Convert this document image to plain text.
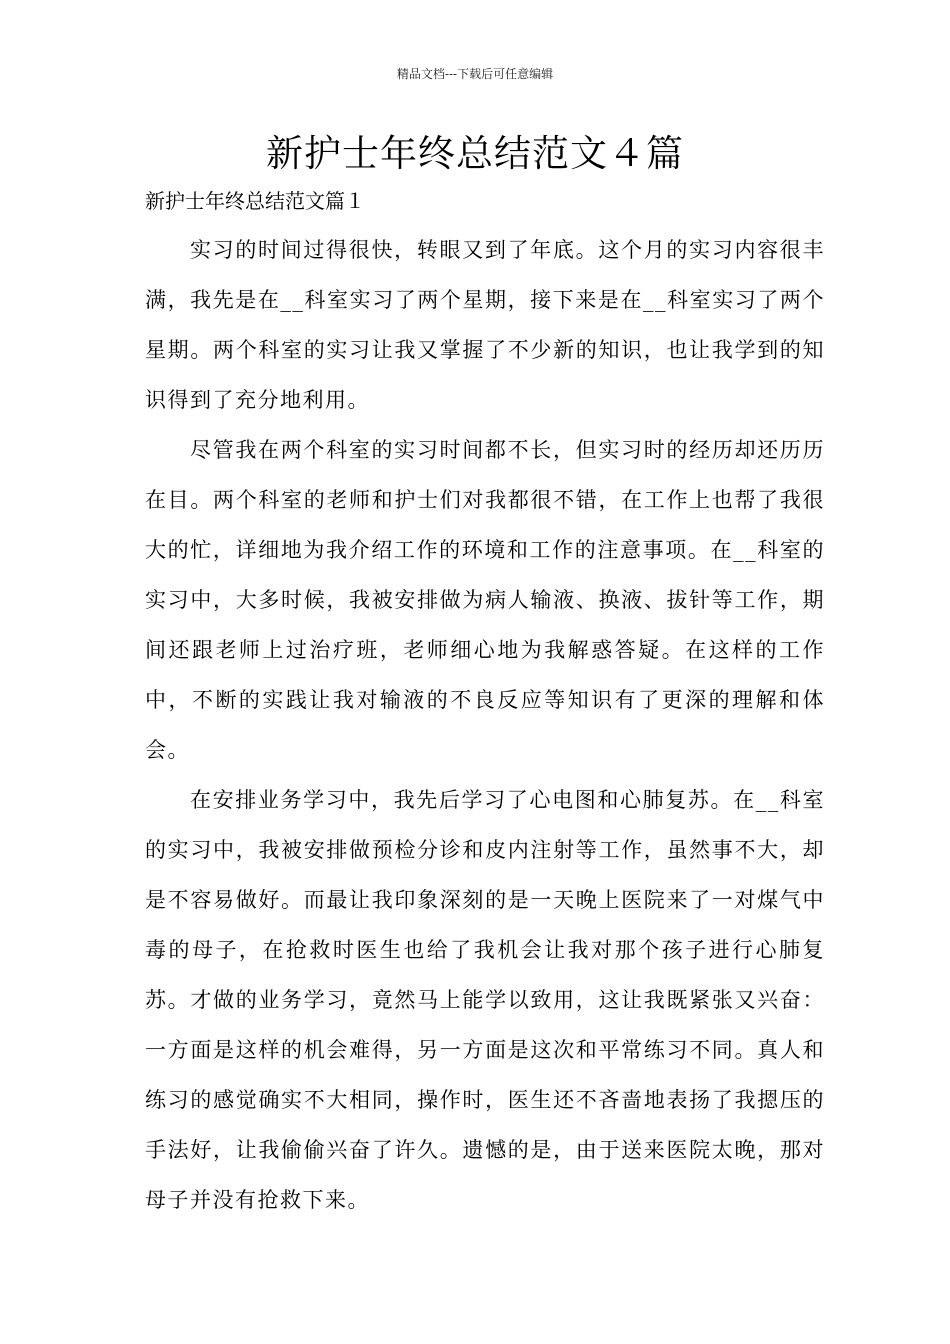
精品文档---下载后可任意编辑
新护士年终总结范文４篇

新护士年终总结范文篇１

实习的时间过得很快，转眼又到了年底。这个月的实习内容很丰满，我先是在__科室实习了两个星期，接下来是在__科室实习了两个星期。两个科室的实习让我又掌握了不少新的知识，也让我学到的知识得到了充分地利用。

尽管我在两个科室的实习时间都不长，但实习时的经历却还历历在目。两个科室的老师和护士们对我都很不错，在工作上也帮了我很大的忙，详细地为我介绍工作的环境和工作的注意事项。在__科室的实习中，大多时候，我被安排做为病人输液、换液、拔针等工作，期间还跟老师上过治疗班，老师细心地为我解惑答疑。在这样的工作中，不断的实践让我对输液的不良反应等知识有了更深的理解和体会。

在安排业务学习中，我先后学习了心电图和心肺复苏。在__科室的实习中，我被安排做预检分诊和皮内注射等工作，虽然事不大，却是不容易做好。而最让我印象深刻的是一天晚上医院来了一对煤气中毒的母子，在抢救时医生也给了我机会让我对那个孩子进行心肺复苏。才做的业务学习，竟然马上能学以致用，这让我既紧张又兴奋：一方面是这样的机会难得，另一方面是这次和平常练习不同。真人和练习的感觉确实不大相同，操作时，医生还不吝啬地表扬了我摁压的手法好，让我偷偷兴奋了许久。遗憾的是，由于送来医院太晚，那对母子并没有抢救下来。
